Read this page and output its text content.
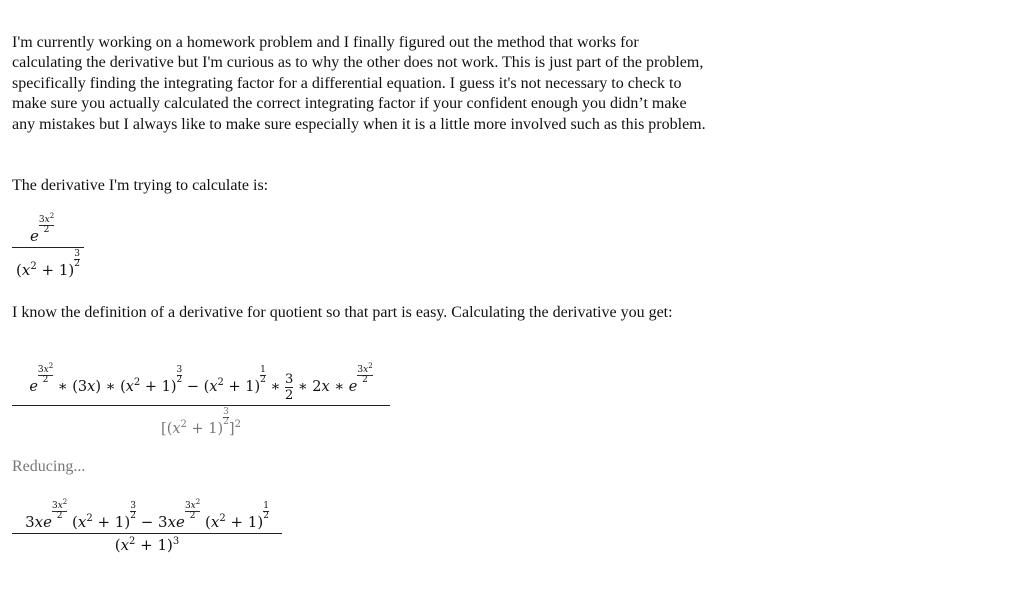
I'm currently working on a homework problem and I finally figured out the method that works for calculating the derivative but I'm curious as to why the other does not work. This is just part of the problem, specifically finding the integrating factor for a differential equation. I guess it's not necessary to check to make sure you actually calculated the correct integrating factor if your confident enough you didn’t make any mistakes but I always like to make sure especially when it is a little more involved such as this problem.

The derivative I'm trying to calculate is:

e
$\frac{3x^2}{2}$
$(x^2 + 1)$
$\frac{3}{2}$

I know the definition of a derivative for quotient so that part is easy. Calculating the derivative you get:

e
$\frac{3x^2}{2}$
∗ (3x) ∗ $(x^2 + 1)$
$\frac{3}{2}$
− $(x^2 + 1)$
$\frac{1}{2}$
∗ $\frac{3}{2}$ ∗ 2x ∗ e
$\frac{3x^2}{2}$
[$(x^2 + 1)$
$\frac{3}{2}$
]$^2$

Reducing...

3xe
$\frac{3x^2}{2}$
$(x^2 + 1)$
$\frac{3}{2}$
− 3xe
$\frac{3x^2}{2}$
$(x^2 + 1)$
$\frac{1}{2}$
$(x^2 + 1)^3$
